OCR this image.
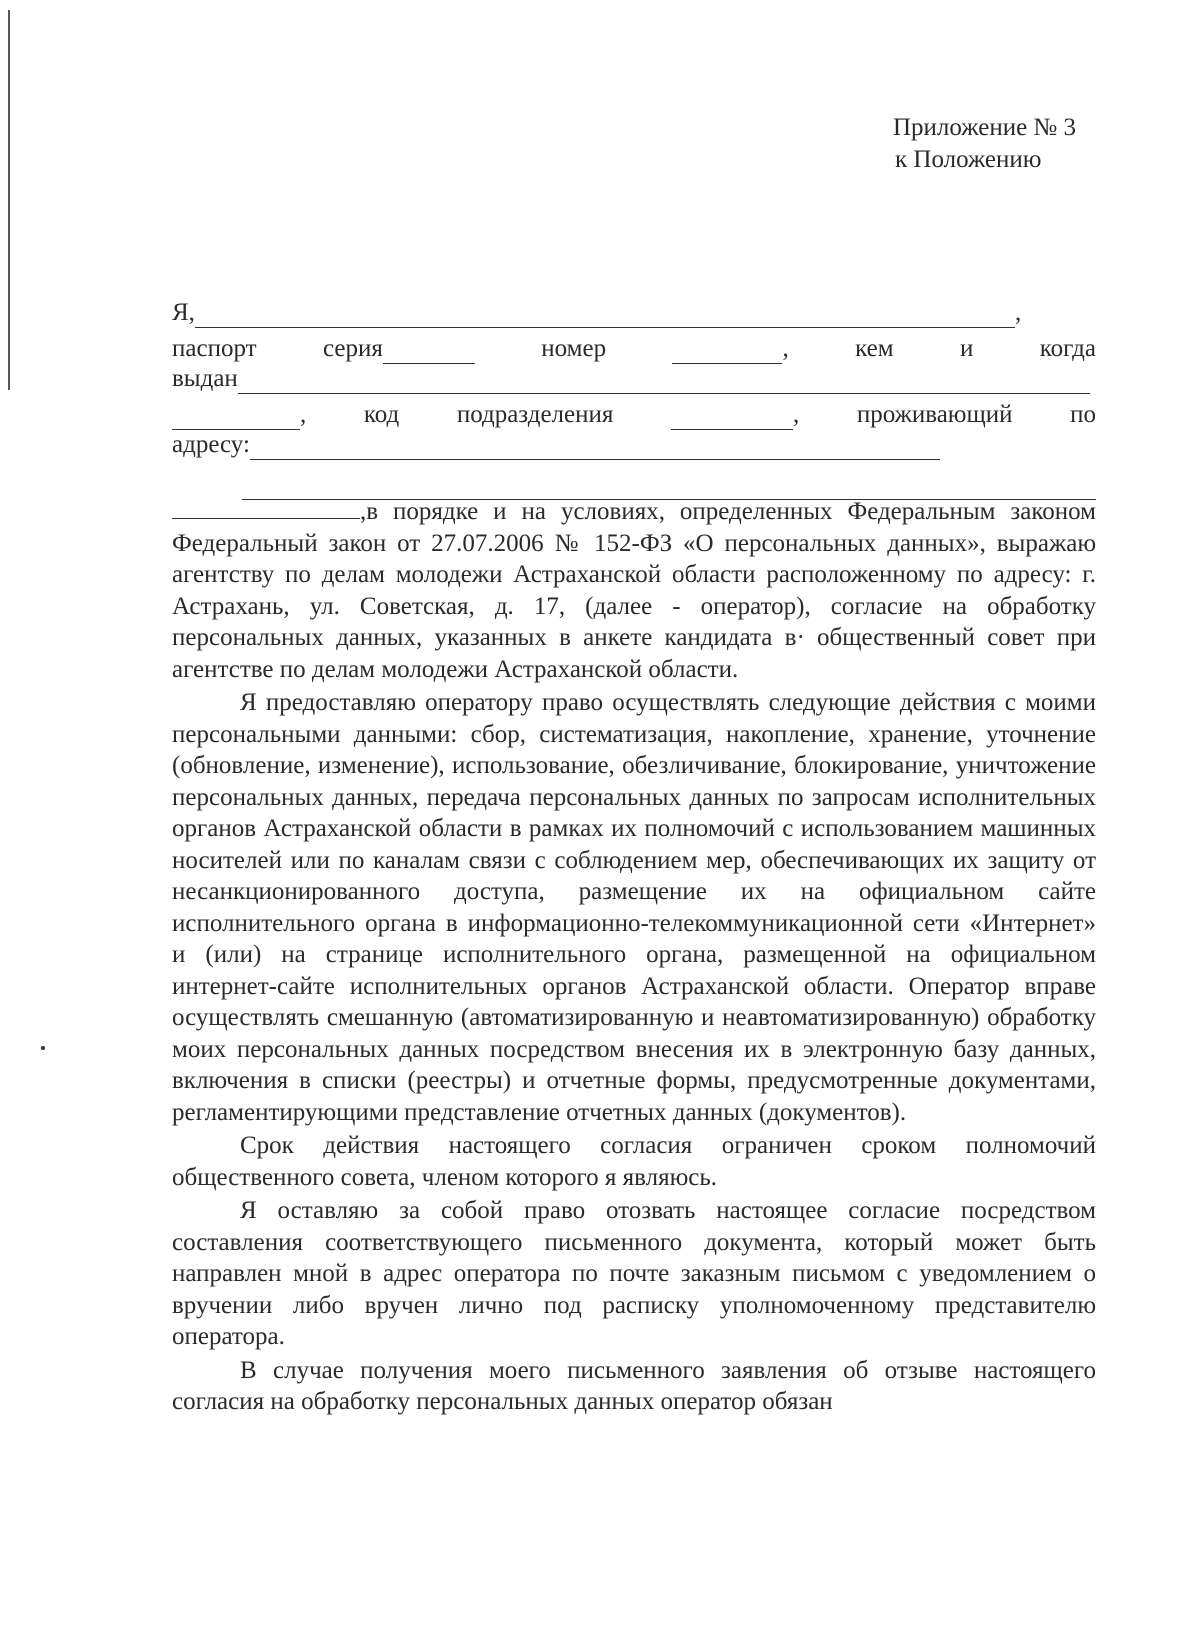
Приложение № 3
к Положению
Я,	,
паспорт	серия	номер	,	кем	и	когда
выдан
, код подразделения	, проживающий по
адресу:

,в порядке и на условиях, определенных Федеральным законом Федеральный закон от 27.07.2006 № 152-ФЗ «О персональных данных», выражаю агентству по делам молодежи Астраханской области расположенному по адресу: г. Астрахань, ул. Советская, д. 17, (далее - оператор), согласие на обработку персональных данных, указанных в анкете кандидата в· общественный совет при агентстве по делам молодежи Астраханской области.

Я предоставляю оператору право осуществлять следующие действия с моими персональными данными: сбор, систематизация, накопление, хранение, уточнение (обновление, изменение), использование, обезличивание, блокирование, уничтожение персональных данных, передача персональных данных по запросам исполнительных органов Астраханской области в рамках их полномочий с использованием машинных носителей или по каналам связи с соблюдением мер, обеспечивающих их защиту от несанкционированного доступа, размещение их на официальном сайте исполнительного органа в информационно-телекоммуникационной сети «Интернет» и (или) на странице исполнительного органа, размещенной на официальном интернет-сайте исполнительных органов Астраханской области. Оператор вправе осуществлять смешанную (автоматизированную и неавтоматизированную) обработку моих персональных данных посредством внесения их в электронную базу данных, включения в списки (реестры) и отчетные формы, предусмотренные документами, регламентирующими представление отчетных данных (документов).

Срок действия настоящего согласия ограничен сроком полномочий общественного совета, членом которого я являюсь.

Я оставляю за собой право отозвать настоящее согласие посредством составления соответствующего письменного документа, который может быть направлен мной в адрес оператора по почте заказным письмом с уведомлением о вручении либо вручен лично под расписку уполномоченному представителю оператора.

В случае получения моего письменного заявления об отзыве настоящего согласия на обработку персональных данных оператор обязан
